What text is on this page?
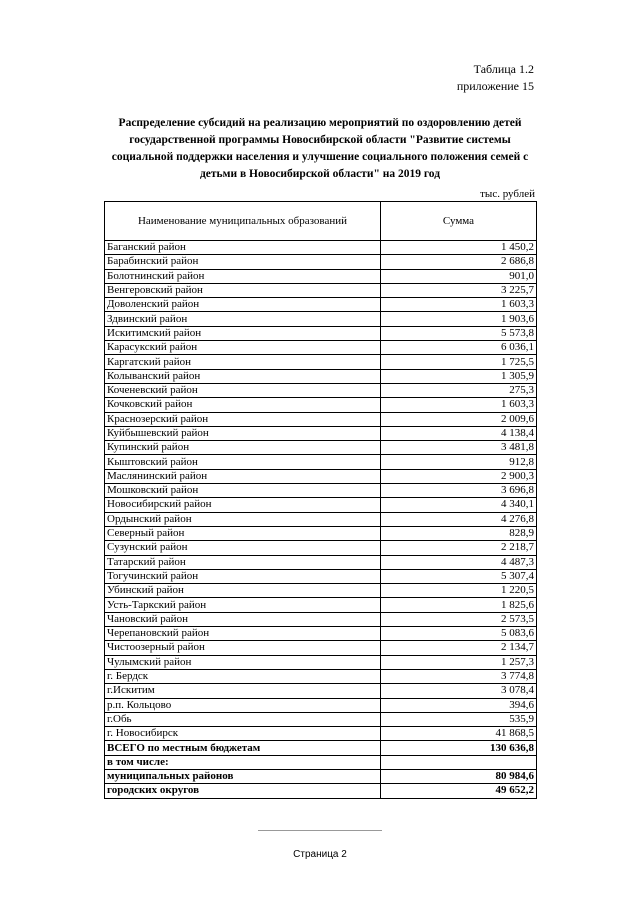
Таблица 1.2
приложение 15
Распределение субсидий на реализацию мероприятий по оздоровлению детей государственной программы Новосибирской области "Развитие системы социальной поддержки населения и улучшение социального положения семей с детьми в Новосибирской области" на 2019 год
тыс. рублей
Наименование муниципальных образований	Сумма
Баганский район	1 450,2
Барабинский район	2 686,8
Болотнинский район	901,0
Венгеровский район	3 225,7
Доволенский район	1 603,3
Здвинский район	1 903,6
Искитимский район	5 573,8
Карасукский район	6 036,1
Каргатский район	1 725,5
Колыванский район	1 305,9
Коченевский район	275,3
Кочковский район	1 603,3
Краснозерский район	2 009,6
Куйбышевский район	4 138,4
Купинский район	3 481,8
Кыштовский район	912,8
Маслянинский район	2 900,3
Мошковский район	3 696,8
Новосибирский район	4 340,1
Ордынский район	4 276,8
Северный район	828,9
Сузунский район	2 218,7
Татарский район	4 487,3
Тогучинский район	5 307,4
Убинский район	1 220,5
Усть-Таркский район	1 825,6
Чановский район	2 573,5
Черепановский район	5 083,6
Чистоозерный район	2 134,7
Чулымский район	1 257,3
г. Бердск	3 774,8
г.Искитим	3 078,4
р.п. Кольцово	394,6
г.Обь	535,9
г. Новосибирск	41 868,5
ВСЕГО по местным бюджетам	130 636,8
в том числе:	
муниципальных районов	80 984,6
городских округов	49 652,2
Страница 2
